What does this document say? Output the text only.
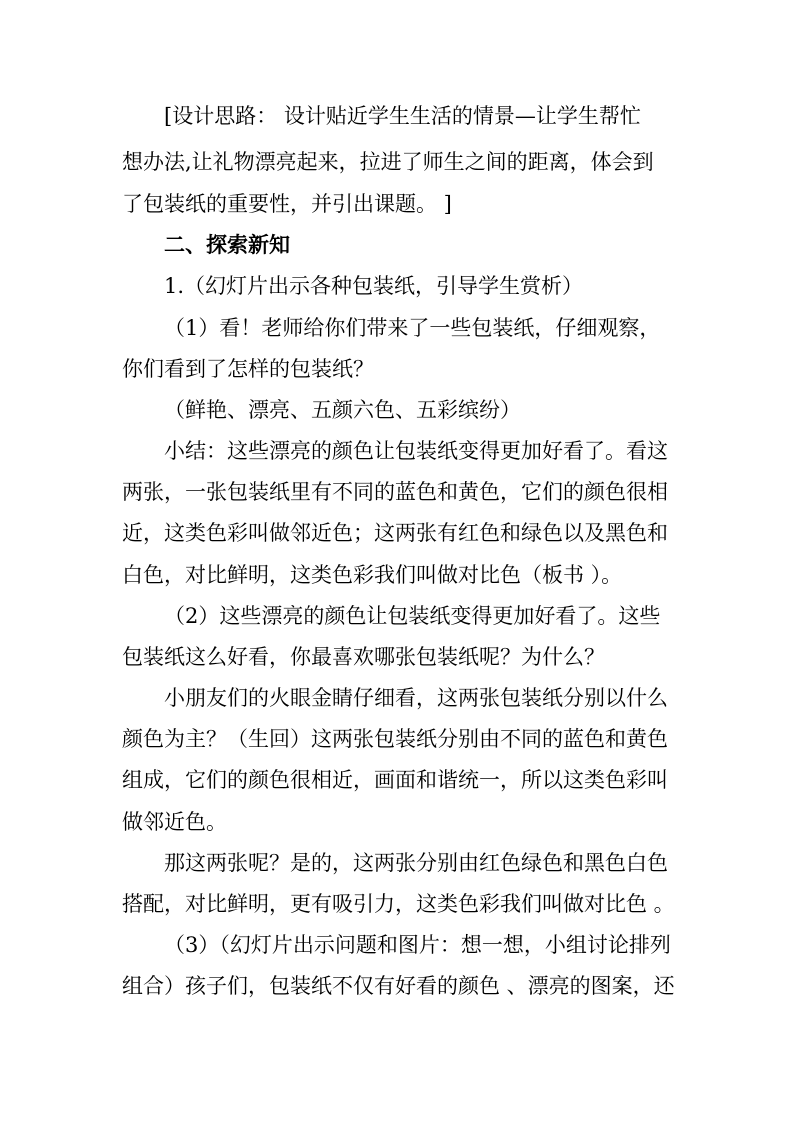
[设计思路： 设计贴近学生生活的情景—让学生帮忙
想办法,让礼物漂亮起来，拉进了师生之间的距离，体会到
了包装纸的重要性，并引出课题。 ]
二、探索新知
1.（幻灯片出示各种包装纸，引导学生赏析）
（1）看！老师给你们带来了一些包装纸，仔细观察，
你们看到了怎样的包装纸？
（鲜艳、漂亮、五颜六色、五彩缤纷）
小结：这些漂亮的颜色让包装纸变得更加好看了。看这
两张，一张包装纸里有不同的蓝色和黄色，它们的颜色很相
近，这类色彩叫做邻近色；这两张有红色和绿色以及黑色和
白色，对比鲜明，这类色彩我们叫做对比色（板书 ）。
（2）这些漂亮的颜色让包装纸变得更加好看了。这些
包装纸这么好看，你最喜欢哪张包装纸呢？为什么？
小朋友们的火眼金睛仔细看，这两张包装纸分别以什么
颜色为主？（生回）这两张包装纸分别由不同的蓝色和黄色
组成，它们的颜色很相近，画面和谐统一，所以这类色彩叫
做邻近色。
那这两张呢？是的，这两张分别由红色绿色和黑色白色
搭配，对比鲜明，更有吸引力，这类色彩我们叫做对比色 。
（3）（幻灯片出示问题和图片：想一想，小组讨论排列
组合）孩子们，包装纸不仅有好看的颜色 、漂亮的图案，还
